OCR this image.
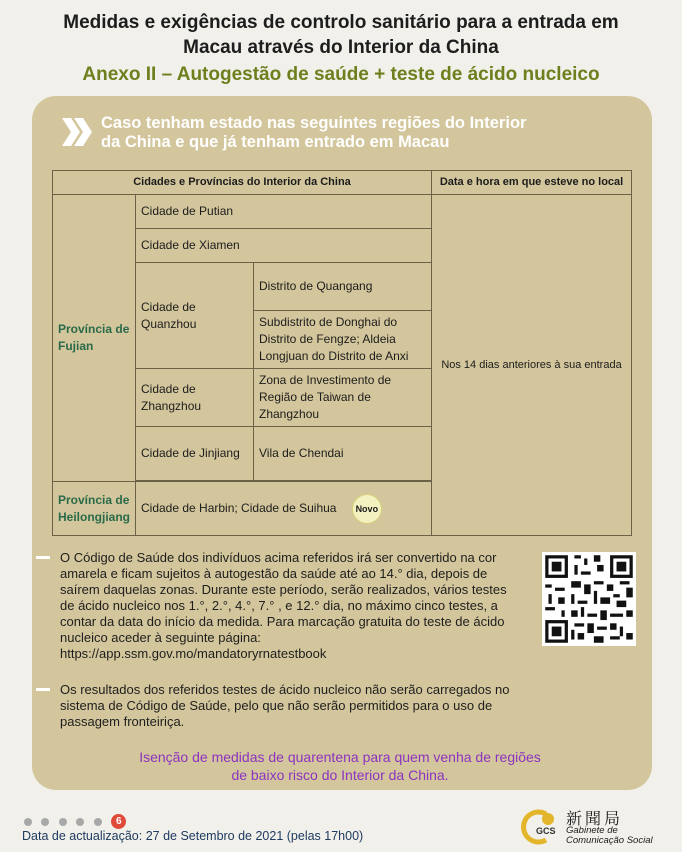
Medidas e exigências de controlo sanitário para a entrada em
Macau através do Interior da China
Anexo II – Autogestão de saúde + teste de ácido nucleico
Caso tenham estado nas seguintes regiões do Interior
da China e que já tenham entrado em Macau
Cidades e Províncias do Interior da China			Data e hora em que esteve no local
Província de Fujian	Cidade de Putian		Nos 14 dias anteriores à sua entrada
	Cidade de Xiamen		
	Cidade de Quanzhou	Distrito de Quangang	
		Subdistrito de Donghai do Distrito de Fengze; Aldeia Longjuan do Distrito de Anxi	
	Cidade de Zhangzhou	Zona de Investimento de Região de Taiwan de Zhangzhou	
	Cidade de Jinjiang	Vila de Chendai	

Província de Heilongjiang	Cidade de Harbin; Cidade de Suihua Novo		
O Código de Saúde dos indivíduos acima referidos irá ser convertido na cor
amarela e ficam sujeitos à autogestão da saúde até ao 14.° dia, depois de
saírem daquelas zonas. Durante este período, serão realizados, vários testes
de ácido nucleico nos 1.°, 2.°, 4.°, 7.° , e 12.° dia, no máximo cinco testes, a
contar da data do início da medida. Para marcação gratuita do teste de ácido
nucleico aceder à seguinte página:
https://app.ssm.gov.mo/mandatoryrnatestbook
Os resultados dos referidos testes de ácido nucleico não serão carregados no
sistema de Código de Saúde, pelo que não serão permitidos para o uso de
passagem fronteiriça.
Isenção de medidas de quarentena para quem venha de regiões
de baixo risco do Interior da China.
6
Data de actualização: 27 de Setembro de 2021 (pelas 17h00)	GCS
新聞局
Gabinete de
Comunicação Social
